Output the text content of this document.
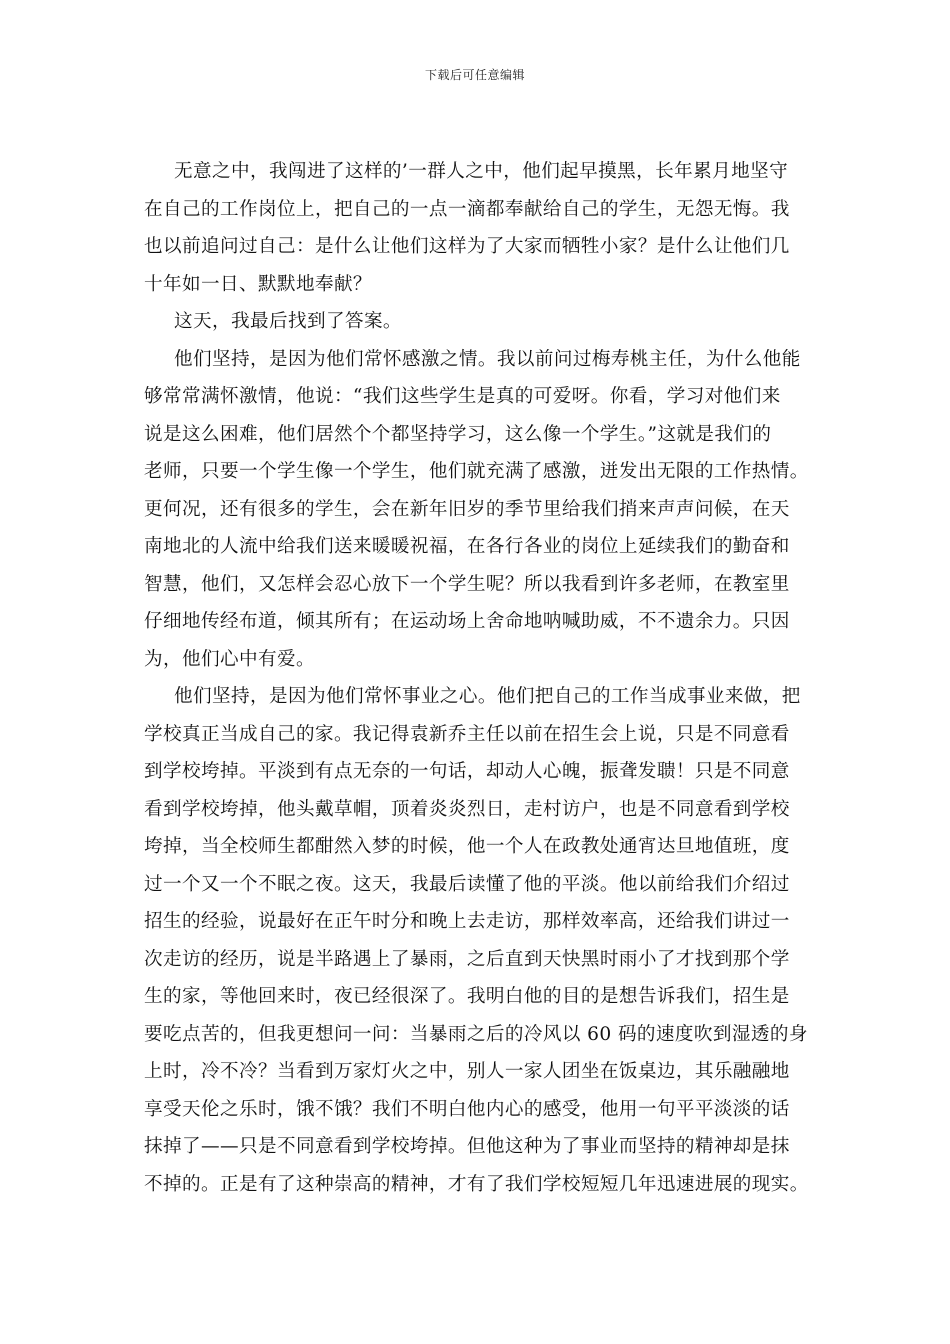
下载后可任意编辑

无意之中，我闯进了这样的’一群人之中，他们起早摸黑，长年累月地坚守
在自己的工作岗位上，把自己的一点一滴都奉献给自己的学生，无怨无悔。我
也以前追问过自己：是什么让他们这样为了大家而牺牲小家？是什么让他们几
十年如一日、默默地奉献？

这天，我最后找到了答案。

他们坚持，是因为他们常怀感激之情。我以前问过梅寿桃主任，为什么他能
够常常满怀激情，他说：“我们这些学生是真的可爱呀。你看，学习对他们来
说是这么困难，他们居然个个都坚持学习，这么像一个学生。”这就是我们的
老师，只要一个学生像一个学生，他们就充满了感激，迸发出无限的工作热情。
更何况，还有很多的学生，会在新年旧岁的季节里给我们捎来声声问候，在天
南地北的人流中给我们送来暖暖祝福，在各行各业的岗位上延续我们的勤奋和
智慧，他们，又怎样会忍心放下一个学生呢？所以我看到许多老师，在教室里
仔细地传经布道，倾其所有；在运动场上舍命地呐喊助威，不不遗余力。只因
为，他们心中有爱。

他们坚持，是因为他们常怀事业之心。他们把自己的工作当成事业来做，把
学校真正当成自己的家。我记得袁新乔主任以前在招生会上说，只是不同意看
到学校垮掉。平淡到有点无奈的一句话，却动人心魄，振聋发聩！只是不同意
看到学校垮掉，他头戴草帽，顶着炎炎烈日，走村访户，也是不同意看到学校
垮掉，当全校师生都酣然入梦的时候，他一个人在政教处通宵达旦地值班，度
过一个又一个不眠之夜。这天，我最后读懂了他的平淡。他以前给我们介绍过
招生的经验，说最好在正午时分和晚上去走访，那样效率高，还给我们讲过一
次走访的经历，说是半路遇上了暴雨，之后直到天快黑时雨小了才找到那个学
生的家，等他回来时，夜已经很深了。我明白他的目的是想告诉我们，招生是
要吃点苦的，但我更想问一问：当暴雨之后的冷风以 60 码的速度吹到湿透的身
上时，冷不冷？当看到万家灯火之中，别人一家人团坐在饭桌边，其乐融融地
享受天伦之乐时，饿不饿？我们不明白他内心的感受，他用一句平平淡淡的话
抹掉了——只是不同意看到学校垮掉。但他这种为了事业而坚持的精神却是抹
不掉的。正是有了这种崇高的精神，才有了我们学校短短几年迅速进展的现实。
